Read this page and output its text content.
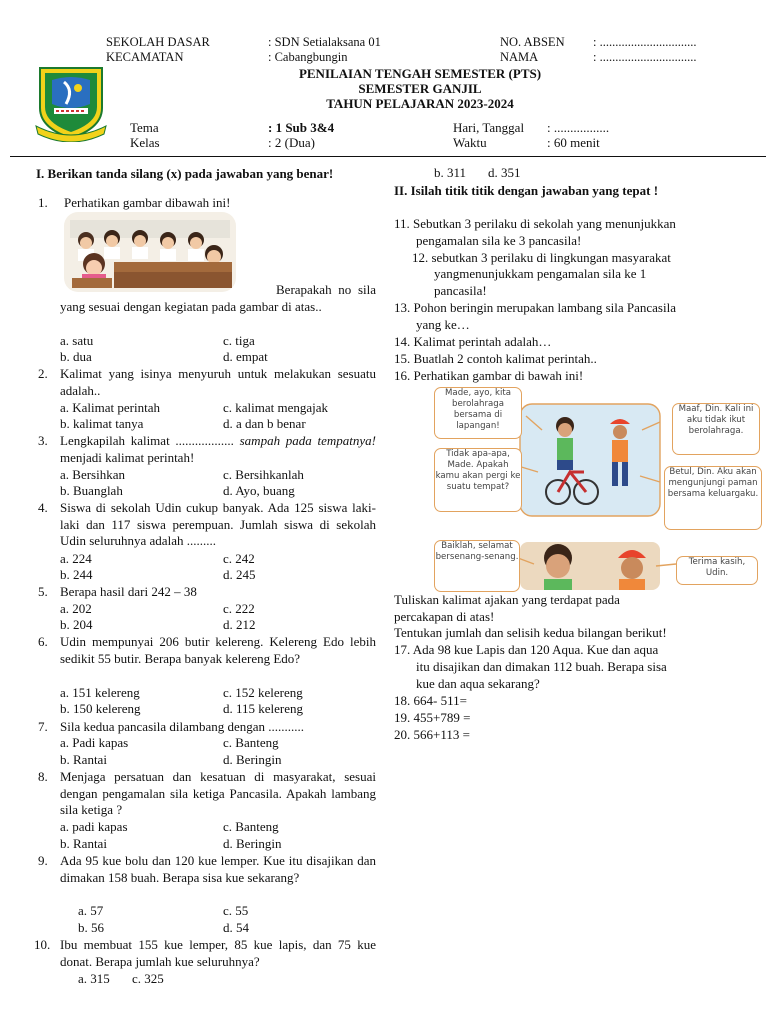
SEKOLAH DASAR	: SDN Setialaksana 01	NO. ABSEN : ...............................
KECAMATAN	: Cabangbungin	NAMA	: ...............................
PENILAIAN TENGAH SEMESTER (PTS)
SEMESTER GANJIL
TAHUN PELAJARAN 2023-2024
Tema	: 1 Sub 3&4	Hari, Tanggal : .................
Kelas	: 2 (Dua)	Waktu	: 60 menit
I. Berikan tanda silang (x) pada jawaban yang benar!
1. Perhatikan gambar dibawah ini!
Berapakah no sila yang sesuai dengan kegiatan pada gambar di atas..
a. satu	c. tiga
b. dua	d. empat
2. Kalimat yang isinya menyuruh untuk melakukan sesuatu adalah..
a. Kalimat perintah	c. kalimat mengajak
b. kalimat tanya	d. a dan b benar
3. Lengkapilah kalimat .................. sampah pada tempatnya! menjadi kalimat perintah!
a. Bersihkan	c. Bersihkanlah
b. Buanglah	d. Ayo, buang
4. Siswa di sekolah Udin cukup banyak. Ada 125 siswa laki-laki dan 117 siswa perempuan. Jumlah siswa di sekolah Udin seluruhnya adalah .........
a. 224	c. 242
b. 244	d. 245
5. Berapa hasil dari 242 – 38
a. 202	c. 222
b. 204	d. 212
6. Udin mempunyai 206 butir kelereng. Kelereng Edo lebih sedikit 55 butir. Berapa banyak kelereng Edo?
a. 151 kelereng	c. 152 kelereng
b. 150 kelereng	d. 115 kelereng
7. Sila kedua pancasila dilambang dengan ...........
a. Padi kapas	c. Banteng
b. Rantai	d. Beringin
8. Menjaga persatuan dan kesatuan di masyarakat, sesuai dengan pengamalan sila ketiga Pancasila. Apakah lambang sila ketiga ?
a. padi kapas	c. Banteng
b. Rantai	d. Beringin
9. Ada 95 kue bolu dan 120 kue lemper. Kue itu disajikan dan dimakan 158 buah. Berapa sisa kue sekarang?
a. 57	c. 55
b. 56	d. 54
10. Ibu membuat 155 kue lemper, 85 kue lapis, dan 75 kue donat. Berapa jumlah kue seluruhnya?
a. 315 c. 325
b. 311 d. 351
II. Isilah titik titik dengan jawaban yang tepat !
11. Sebutkan 3 perilaku di sekolah yang menunjukkan
pengamalan sila ke 3 pancasila!
12. sebutkan 3 perilaku di lingkungan masyarakat
yangmenunjukkam pengamalan sila ke 1
pancasila!
13. Pohon beringin merupakan lambang sila Pancasila
yang ke…
14. Kalimat perintah adalah…
15. Buatlah 2 contoh kalimat perintah..
16. Perhatikan gambar di bawah ini!
Made, ayo, kita berolahraga bersama di lapangan!
Maaf, Din. Kali ini aku tidak ikut berolahraga.
Tidak apa-apa, Made. Apakah kamu akan pergi ke suatu tempat?
Betul, Din. Aku akan mengunjungi paman bersama keluargaku.
Baiklah, selamat bersenang-senang.	Terima kasih, Udin.
Tuliskan kalimat ajakan yang terdapat pada
percakapan di atas!
Tentukan jumlah dan selisih kedua bilangan berikut!
17. Ada 98 kue Lapis dan 120 Aqua. Kue dan aqua
itu disajikan dan dimakan 112 buah. Berapa sisa
kue dan aqua sekarang?
18. 664- 511=
19. 455+789 =
20. 566+113 =
